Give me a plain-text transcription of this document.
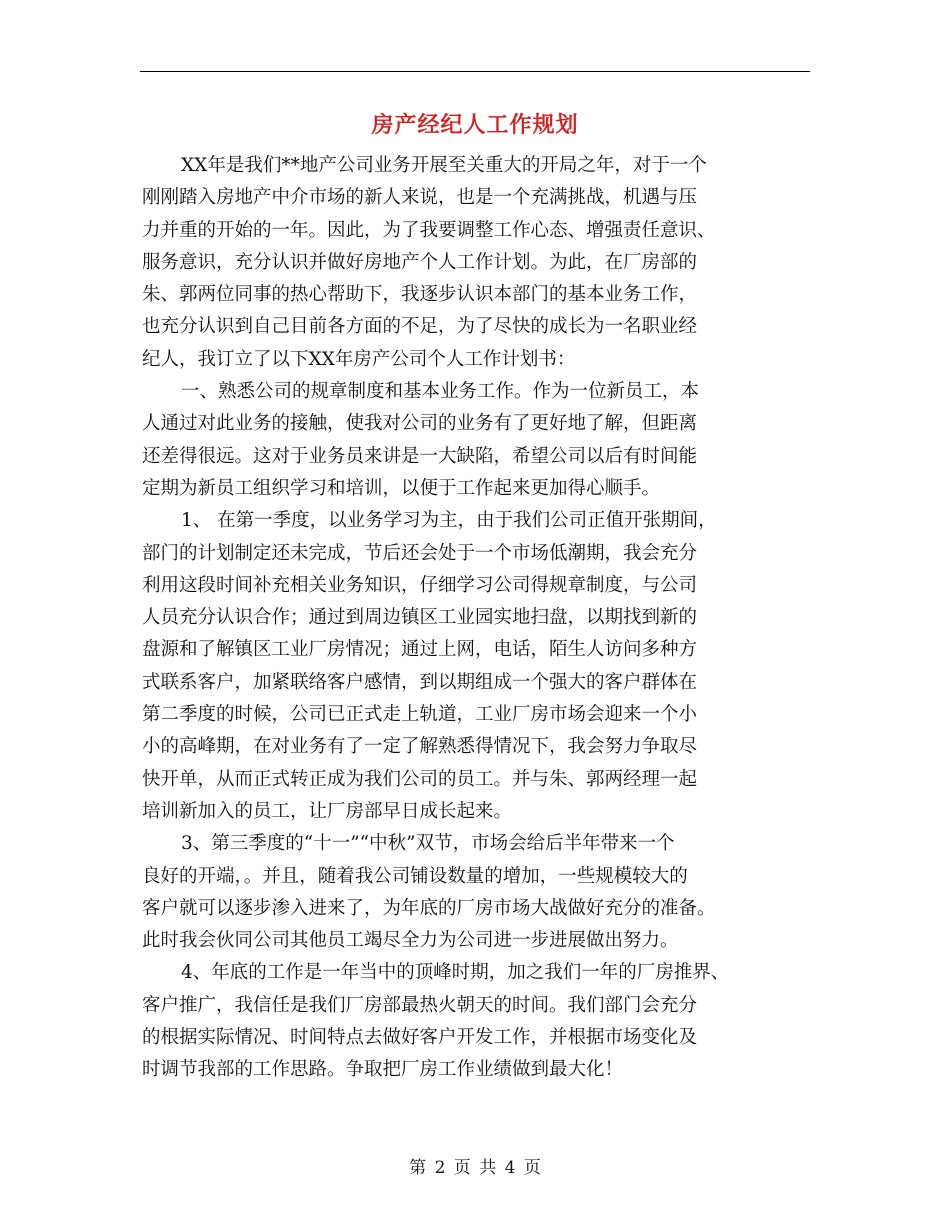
房产经纪人工作规划

XX年是我们**地产公司业务开展至关重大的开局之年，对于一个
刚刚踏入房地产中介市场的新人来说，也是一个充满挑战，机遇与压
力并重的开始的一年。因此，为了我要调整工作心态、增强责任意识、
服务意识，充分认识并做好房地产个人工作计划。为此，在厂房部的
朱、郭两位同事的热心帮助下，我逐步认识本部门的基本业务工作，
也充分认识到自己目前各方面的不足，为了尽快的成长为一名职业经
纪人，我订立了以下XX年房产公司个人工作计划书：

一、熟悉公司的规章制度和基本业务工作。作为一位新员工，本
人通过对此业务的接触，使我对公司的业务有了更好地了解，但距离
还差得很远。这对于业务员来讲是一大缺陷，希望公司以后有时间能
定期为新员工组织学习和培训，以便于工作起来更加得心顺手。

1、 在第一季度，以业务学习为主，由于我们公司正值开张期间，
部门的计划制定还未完成，节后还会处于一个市场低潮期，我会充分
利用这段时间补充相关业务知识，仔细学习公司得规章制度，与公司
人员充分认识合作；通过到周边镇区工业园实地扫盘，以期找到新的
盘源和了解镇区工业厂房情况；通过上网，电话，陌生人访问多种方
式联系客户，加紧联络客户感情，到以期组成一个强大的客户群体在
第二季度的时候，公司已正式走上轨道，工业厂房市场会迎来一个小
小的高峰期，在对业务有了一定了解熟悉得情况下，我会努力争取尽
快开单，从而正式转正成为我们公司的员工。并与朱、郭两经理一起
培训新加入的员工，让厂房部早日成长起来。

3、第三季度的“十一”“中秋”双节，市场会给后半年带来一个
良好的开端，。并且，随着我公司铺设数量的增加，一些规模较大的
客户就可以逐步渗入进来了，为年底的厂房市场大战做好充分的准备。
此时我会伙同公司其他员工竭尽全力为公司进一步进展做出努力。

4、年底的工作是一年当中的顶峰时期，加之我们一年的厂房推界、
客户推广，我信任是我们厂房部最热火朝天的时间。我们部门会充分
的根据实际情况、时间特点去做好客户开发工作，并根据市场变化及
时调节我部的工作思路。争取把厂房工作业绩做到最大化！

第 2 页 共 4 页
